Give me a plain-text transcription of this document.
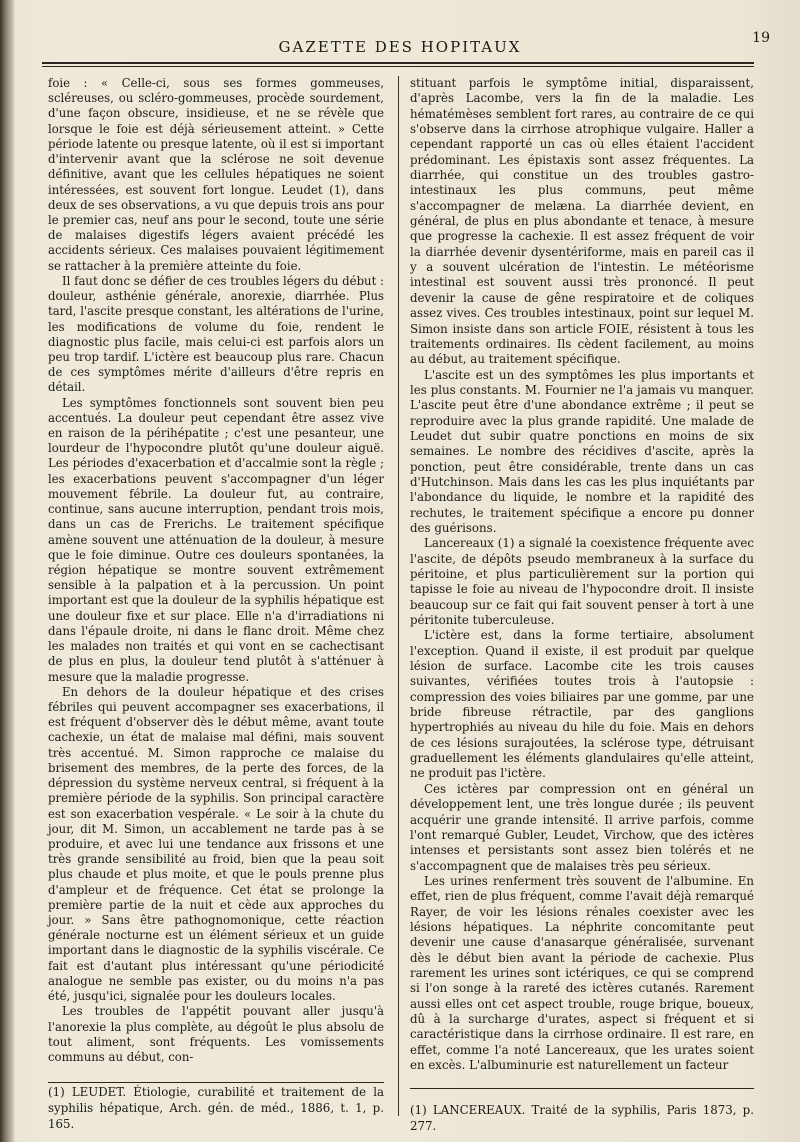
GAZETTE DES HOPITAUX	19

foie : « Celle-ci, sous ses formes gommeuses, scléreuses, ou scléro-gommeuses, procède sourdement, d'une façon obscure, insidieuse, et ne se révèle que lorsque le foie est déjà sérieusement atteint. » Cette période latente ou presque latente, où il est si important d'intervenir avant que la sclérose ne soit devenue définitive, avant que les cellules hépatiques ne soient intéressées, est souvent fort longue. Leudet (1), dans deux de ses observations, a vu que depuis trois ans pour le premier cas, neuf ans pour le second, toute une série de malaises digestifs légers avaient précédé les accidents sérieux. Ces malaises pouvaient légitimement se rattacher à la première atteinte du foie.

Il faut donc se défier de ces troubles légers du début : douleur, asthénie générale, anorexie, diarrhée. Plus tard, l'ascite presque constant, les altérations de l'urine, les modifications de volume du foie, rendent le diagnostic plus facile, mais celui-ci est parfois alors un peu trop tardif. L'ictère est beaucoup plus rare. Chacun de ces symptômes mérite d'ailleurs d'être repris en détail.

Les symptômes fonctionnels sont souvent bien peu accentués. La douleur peut cependant être assez vive en raison de la périhépatite ; c'est une pesanteur, une lourdeur de l'hypocondre plutôt qu'une douleur aiguë. Les périodes d'exacerbation et d'accalmie sont la règle ; les exacerbations peuvent s'accompagner d'un léger mouvement fébrile. La douleur fut, au contraire, continue, sans aucune interruption, pendant trois mois, dans un cas de Frerichs. Le traitement spécifique amène souvent une atténuation de la douleur, à mesure que le foie diminue. Outre ces douleurs spontanées, la région hépatique se montre souvent extrêmement sensible à la palpation et à la percussion. Un point important est que la douleur de la syphilis hépatique est une douleur fixe et sur place. Elle n'a d'irradiations ni dans l'épaule droite, ni dans le flanc droit. Même chez les malades non traités et qui vont en se cachectisant de plus en plus, la douleur tend plutôt à s'atténuer à mesure que la maladie progresse.

En dehors de la douleur hépatique et des crises fébriles qui peuvent accompagner ses exacerbations, il est fréquent d'observer dès le début même, avant toute cachexie, un état de malaise mal défini, mais souvent très accentué. M. Simon rapproche ce malaise du brisement des membres, de la perte des forces, de la dépression du système nerveux central, si fréquent à la première période de la syphilis. Son principal caractère est son exacerbation vespérale. « Le soir à la chute du jour, dit M. Simon, un accablement ne tarde pas à se produire, et avec lui une tendance aux frissons et une très grande sensibilité au froid, bien que la peau soit plus chaude et plus moite, et que le pouls prenne plus d'ampleur et de fréquence. Cet état se prolonge la première partie de la nuit et cède aux approches du jour. » Sans être pathognomonique, cette réaction générale nocturne est un élément sérieux et un guide important dans le diagnostic de la syphilis viscérale. Ce fait est d'autant plus intéressant qu'une périodicité analogue ne semble pas exister, ou du moins n'a pas été, jusqu'ici, signalée pour les douleurs locales.

Les troubles de l'appétit pouvant aller jusqu'à l'anorexie la plus complète, au dégoût le plus absolu de tout aliment, sont fréquents. Les vomissements communs au début, con-

stituant parfois le symptôme initial, disparaissent, d'après Lacombe, vers la fin de la maladie. Les hématémèses semblent fort rares, au contraire de ce qui s'observe dans la cirrhose atrophique vulgaire. Haller a cependant rapporté un cas où elles étaient l'accident prédominant. Les épistaxis sont assez fréquentes. La diarrhée, qui constitue un des troubles gastro-intestinaux les plus communs, peut même s'accompagner de melæna. La diarrhée devient, en général, de plus en plus abondante et tenace, à mesure que progresse la cachexie. Il est assez fréquent de voir la diarrhée devenir dysentériforme, mais en pareil cas il y a souvent ulcération de l'intestin. Le météorisme intestinal est souvent aussi très prononcé. Il peut devenir la cause de gêne respiratoire et de coliques assez vives. Ces troubles intestinaux, point sur lequel M. Simon insiste dans son article FOIE, résistent à tous les traitements ordinaires. Ils cèdent facilement, au moins au début, au traitement spécifique.

L'ascite est un des symptômes les plus importants et les plus constants. M. Fournier ne l'a jamais vu manquer. L'ascite peut être d'une abondance extrême ; il peut se reproduire avec la plus grande rapidité. Une malade de Leudet dut subir quatre ponctions en moins de six semaines. Le nombre des récidives d'ascite, après la ponction, peut être considérable, trente dans un cas d'Hutchinson. Mais dans les cas les plus inquiétants par l'abondance du liquide, le nombre et la rapidité des rechutes, le traitement spécifique a encore pu donner des guérisons.

Lancereaux (1) a signalé la coexistence fréquente avec l'ascite, de dépôts pseudo membraneux à la surface du péritoine, et plus particulièrement sur la portion qui tapisse le foie au niveau de l'hypocondre droit. Il insiste beaucoup sur ce fait qui fait souvent penser à tort à une péritonite tuberculeuse.

L'ictère est, dans la forme tertiaire, absolument l'exception. Quand il existe, il est produit par quelque lésion de surface. Lacombe cite les trois causes suivantes, vérifiées toutes trois à l'autopsie : compression des voies biliaires par une gomme, par une bride fibreuse rétractile, par des ganglions hypertrophiés au niveau du hile du foie. Mais en dehors de ces lésions surajoutées, la sclérose type, détruisant graduellement les éléments glandulaires qu'elle atteint, ne produit pas l'ictère.

Ces ictères par compression ont en général un développement lent, une très longue durée ; ils peuvent acquérir une grande intensité. Il arrive parfois, comme l'ont remarqué Gubler, Leudet, Virchow, que des ictères intenses et persistants sont assez bien tolérés et ne s'accompagnent que de malaises très peu sérieux.

Les urines renferment très souvent de l'albumine. En effet, rien de plus fréquent, comme l'avait déjà remarqué Rayer, de voir les lésions rénales coexister avec les lésions hépatiques. La néphrite concomitante peut devenir une cause d'anasarque généralisée, survenant dès le début bien avant la période de cachexie. Plus rarement les urines sont ictériques, ce qui se comprend si l'on songe à la rareté des ictères cutanés. Rarement aussi elles ont cet aspect trouble, rouge brique, boueux, dû à la surcharge d'urates, aspect si fréquent et si caractéristique dans la cirrhose ordinaire. Il est rare, en effet, comme l'a noté Lancereaux, que les urates soient en excès. L'albuminurie est naturellement un facteur

(1) LEUDET. Étiologie, curabilité et traitement de la syphilis hépatique, Arch. gén. de méd., 1886, t. 1, p. 165.
(1) LANCEREAUX. Traité de la syphilis, Paris 1873, p. 277.
